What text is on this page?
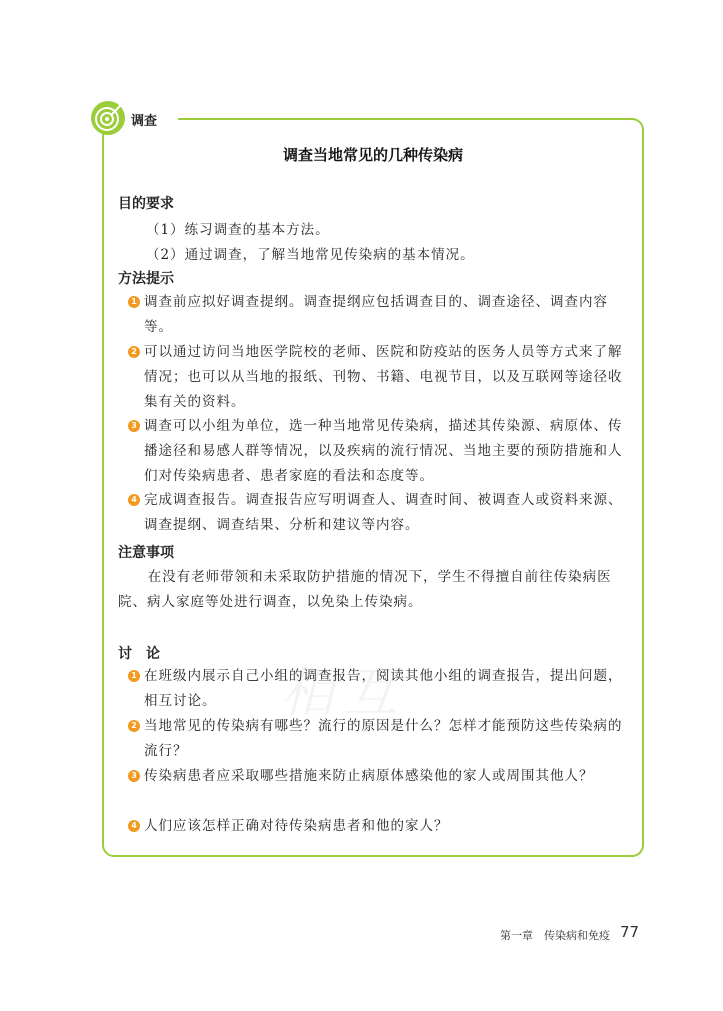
调查
调查当地常见的几种传染病
目的要求
（1）练习调查的基本方法。
（2）通过调查，了解当地常见传染病的基本情况。
方法提示
1 调查前应拟好调查提纲。调查提纲应包括调查目的、调查途径、调查内容等。
2 可以通过访问当地医学院校的老师、医院和防疫站的医务人员等方式来了解情况；也可以从当地的报纸、刊物、书籍、电视节目，以及互联网等途径收集有关的资料。
3 调查可以小组为单位，选一种当地常见传染病，描述其传染源、病原体、传播途径和易感人群等情况，以及疾病的流行情况、当地主要的预防措施和人们对传染病患者、患者家庭的看法和态度等。
4 完成调查报告。调查报告应写明调查人、调查时间、被调查人或资料来源、调查提纲、调查结果、分析和建议等内容。
注意事项
在没有老师带领和未采取防护措施的情况下，学生不得擅自前往传染病医院、病人家庭等处进行调查，以免染上传染病。
相互
讨　论
1 在班级内展示自己小组的调查报告，阅读其他小组的调查报告，提出问题，相互讨论。
2 当地常见的传染病有哪些？流行的原因是什么？怎样才能预防这些传染病的流行？
3 传染病患者应采取哪些措施来防止病原体感染他的家人或周围其他人？
4 人们应该怎样正确对待传染病患者和他的家人？
第一章　传染病和免疫 77
